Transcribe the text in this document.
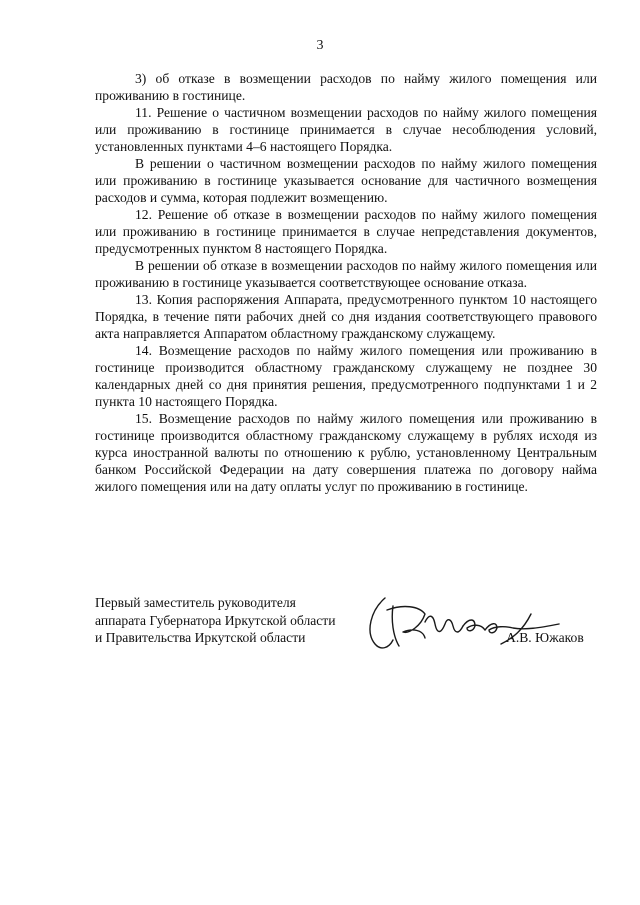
3

3) об отказе в возмещении расходов по найму жилого помещения или проживанию в гостинице.

11. Решение о частичном возмещении расходов по найму жилого помещения или проживанию в гостинице принимается в случае несоблюдения условий, установленных пунктами 4–6 настоящего Порядка.

В решении о частичном возмещении расходов по найму жилого помещения или проживанию в гостинице указывается основание для частичного возмещения расходов и сумма, которая подлежит возмещению.

12. Решение об отказе в возмещении расходов по найму жилого помещения или проживанию в гостинице принимается в случае непредставления документов, предусмотренных пунктом 8 настоящего Порядка.

В решении об отказе в возмещении расходов по найму жилого помещения или проживанию в гостинице указывается соответствующее основание отказа.

13. Копия распоряжения Аппарата, предусмотренного пунктом 10 настоящего Порядка, в течение пяти рабочих дней со дня издания соответствующего правового акта направляется Аппаратом областному гражданскому служащему.

14. Возмещение расходов по найму жилого помещения или проживанию в гостинице производится областному гражданскому служащему не позднее 30 календарных дней со дня принятия решения, предусмотренного подпунктами 1 и 2 пункта 10 настоящего Порядка.

15. Возмещение расходов по найму жилого помещения или проживанию в гостинице производится областному гражданскому служащему в рублях исходя из курса иностранной валюты по отношению к рублю, установленному Центральным банком Российской Федерации на дату совершения платежа по договору найма жилого помещения или на дату оплаты услуг по проживанию в гостинице.

Первый заместитель руководителя
аппарата Губернатора Иркутской области
и Правительства Иркутской области	А.В. Южаков
